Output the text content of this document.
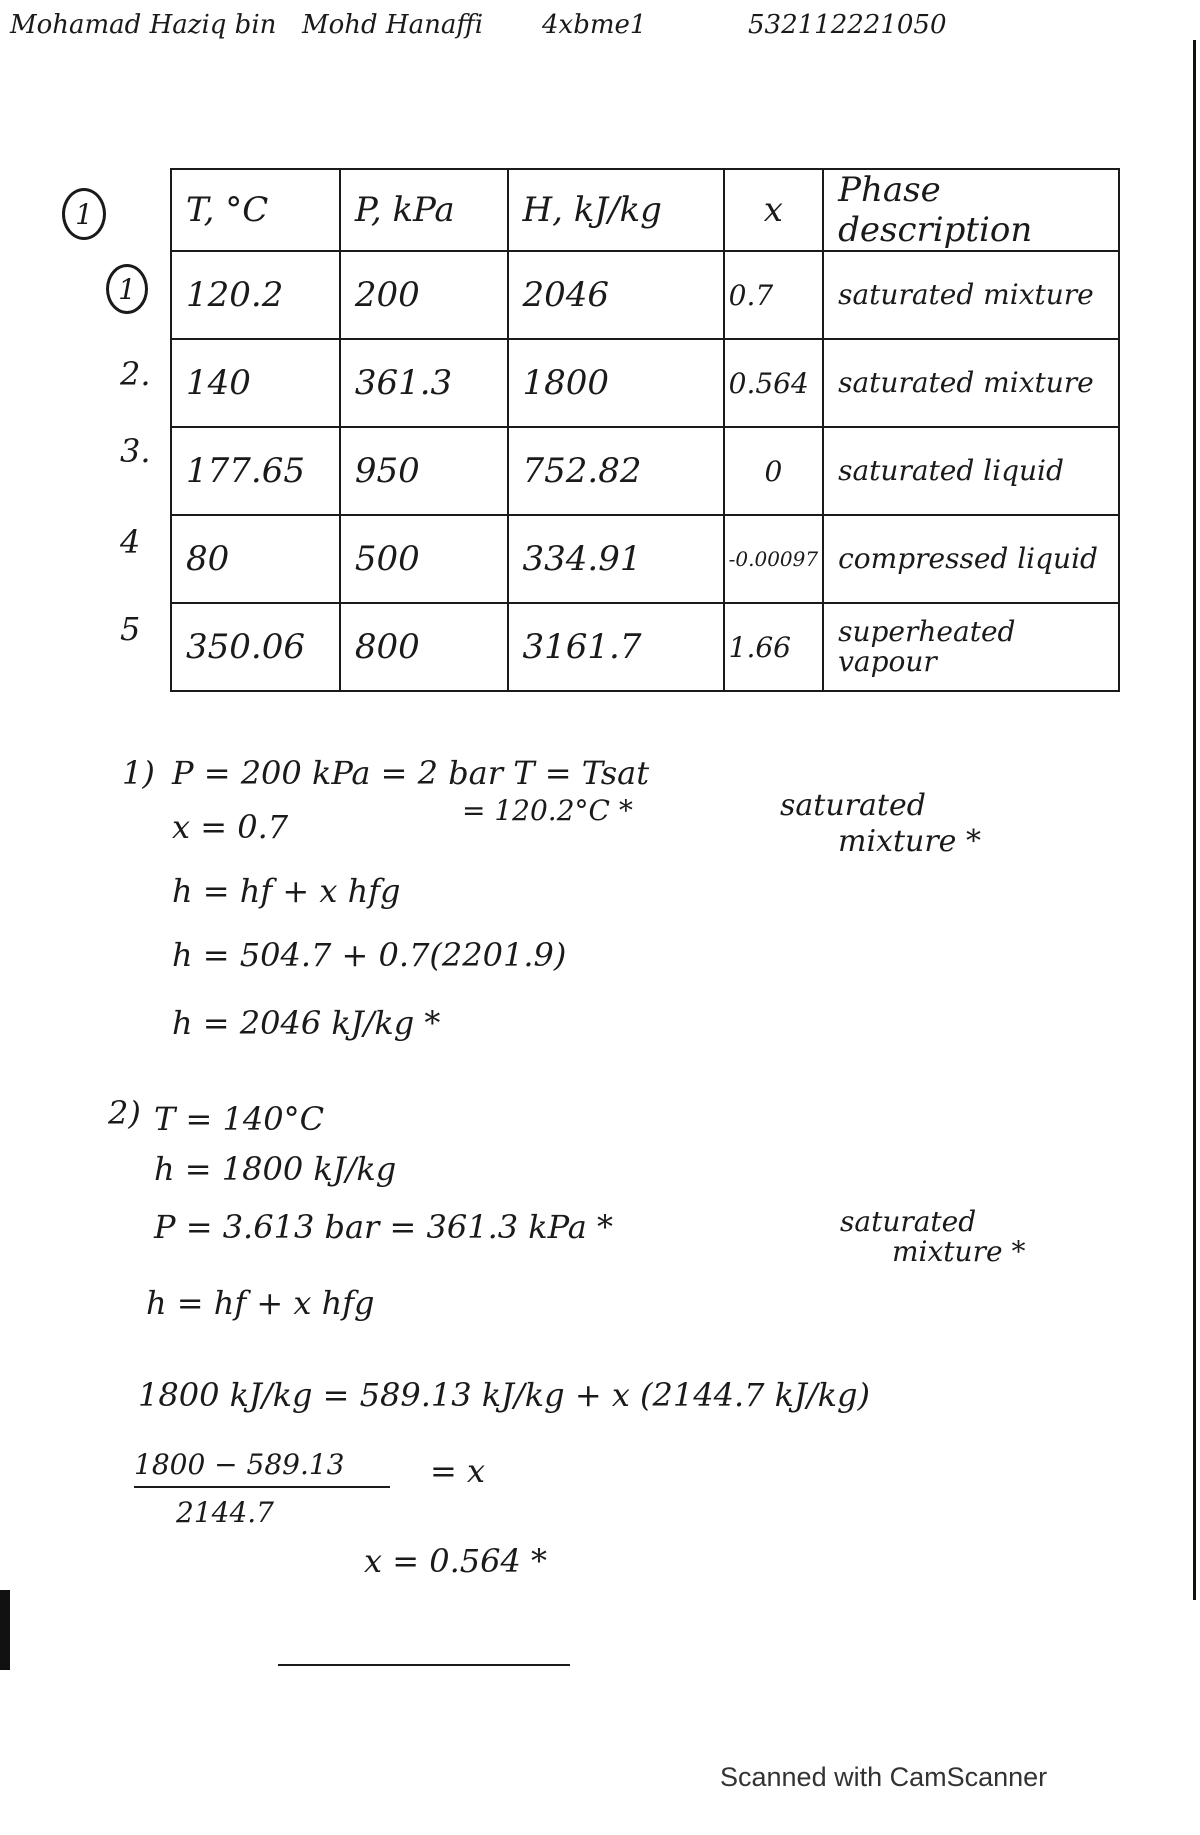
Mohamad Haziq bin Mohd Hanaffi 4xbme1	532112221050
1
1
2.
3.
4
5
T, °C	P, kPa	H, kJ/kg	x	Phase description
120.2	200	2046	0.7	saturated mixture
140	361.3	1800	0.564	saturated mixture
177.65	950	752.82	0	saturated liquid
80	500	334.91	-0.00097	compressed liquid
350.06	800	3161.7	1.66	superheated vapour
1) P = 200 kPa = 2 bar T = Tsat
x = 0.7	= 120.2°C *
h = hf + x hfg
h = 504.7 + 0.7(2201.9)
h = 2046 kJ/kg *
saturated
mixture *
2) T = 140°C
h = 1800 kJ/kg
P = 3.613 bar = 361.3 kPa *
h = hf + x hfg
1800 kJ/kg = 589.13 kJ/kg + x (2144.7 kJ/kg)
1800 − 589.13
2144.7
= x
x = 0.564 *
saturated
mixture *
Scanned with CamScanner
